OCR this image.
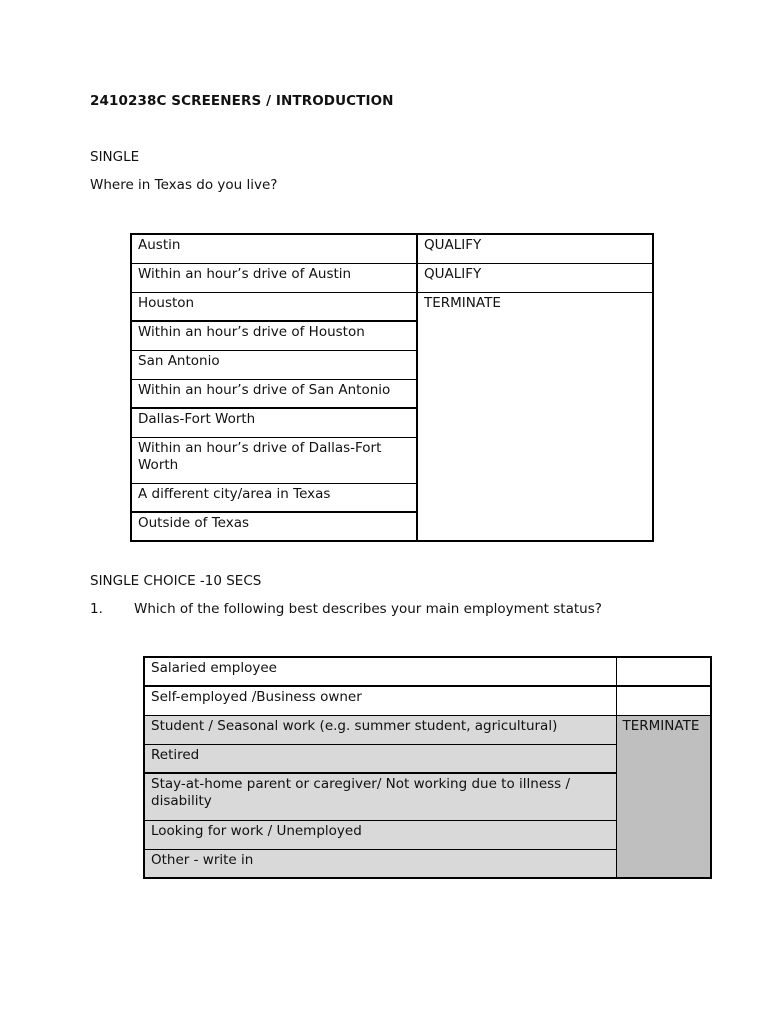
2410238C SCREENERS / INTRODUCTION
SINGLE
Where in Texas do you live?
Austin	QUALIFY
Within an hour’s drive of Austin	QUALIFY
Houston	TERMINATE
Within an hour’s drive of Houston	
San Antonio	
Within an hour’s drive of San Antonio	
Dallas-Fort Worth	
Within an hour’s drive of Dallas-Fort Worth	
A different city/area in Texas	
Outside of Texas	
SINGLE CHOICE -10 SECS
1. Which of the following best describes your main employment status?
Salaried employee	
Self-employed /Business owner	
Student / Seasonal work (e.g. summer student, agricultural)	TERMINATE
Retired	
Stay-at-home parent or caregiver/ Not working due to illness / disability	
Looking for work / Unemployed	
Other - write in	
